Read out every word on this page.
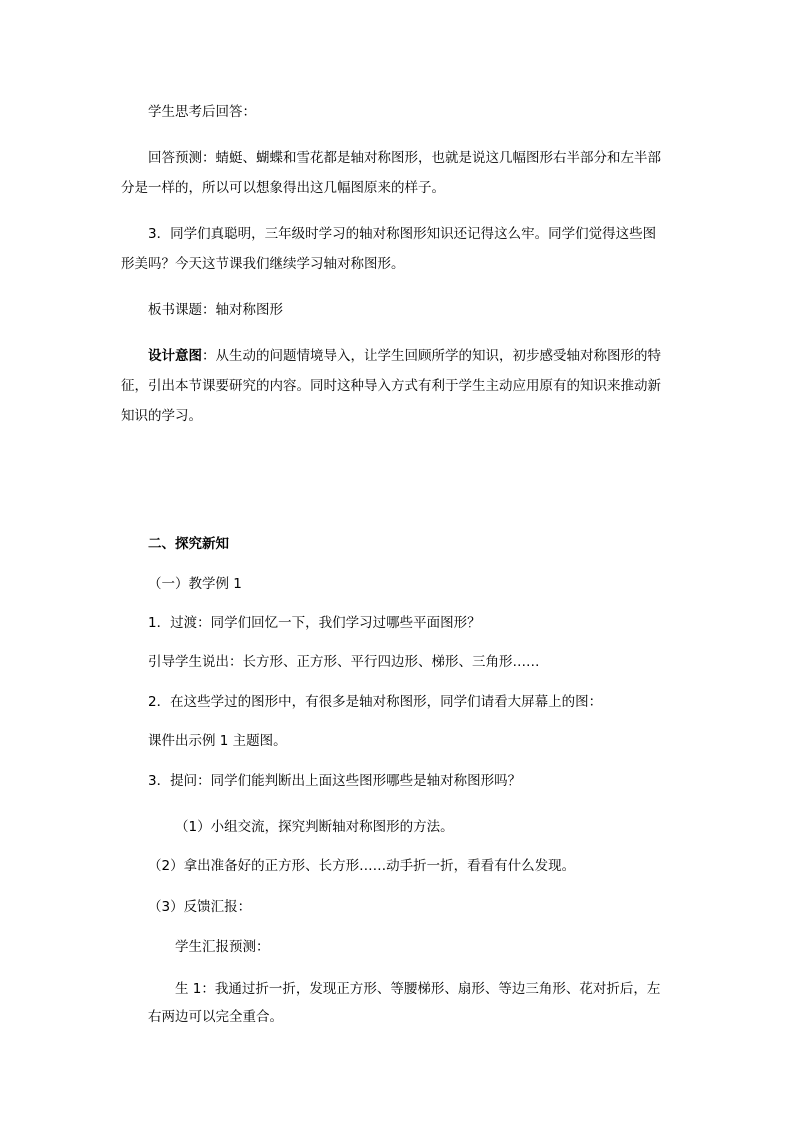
学生思考后回答：
回答预测：蜻蜓、蝴蝶和雪花都是轴对称图形，也就是说这几幅图形右半部分和左半部
分是一样的，所以可以想象得出这几幅图原来的样子。
3．同学们真聪明，三年级时学习的轴对称图形知识还记得这么牢。同学们觉得这些图
形美吗？今天这节课我们继续学习轴对称图形。
板书课题：轴对称图形
设计意图：从生动的问题情境导入，让学生回顾所学的知识，初步感受轴对称图形的特
征，引出本节课要研究的内容。同时这种导入方式有利于学生主动应用原有的知识来推动新
知识的学习。
二、探究新知
（一）教学例 1
1．过渡：同学们回忆一下，我们学习过哪些平面图形？
引导学生说出：长方形、正方形、平行四边形、梯形、三角形……
2．在这些学过的图形中，有很多是轴对称图形，同学们请看大屏幕上的图：
课件出示例 1 主题图。
3．提问：同学们能判断出上面这些图形哪些是轴对称图形吗？
（1）小组交流，探究判断轴对称图形的方法。
（2）拿出准备好的正方形、长方形……动手折一折，看看有什么发现。
（3）反馈汇报：
学生汇报预测：
生 1：我通过折一折，发现正方形、等腰梯形、扇形、等边三角形、花对折后，左
右两边可以完全重合。
